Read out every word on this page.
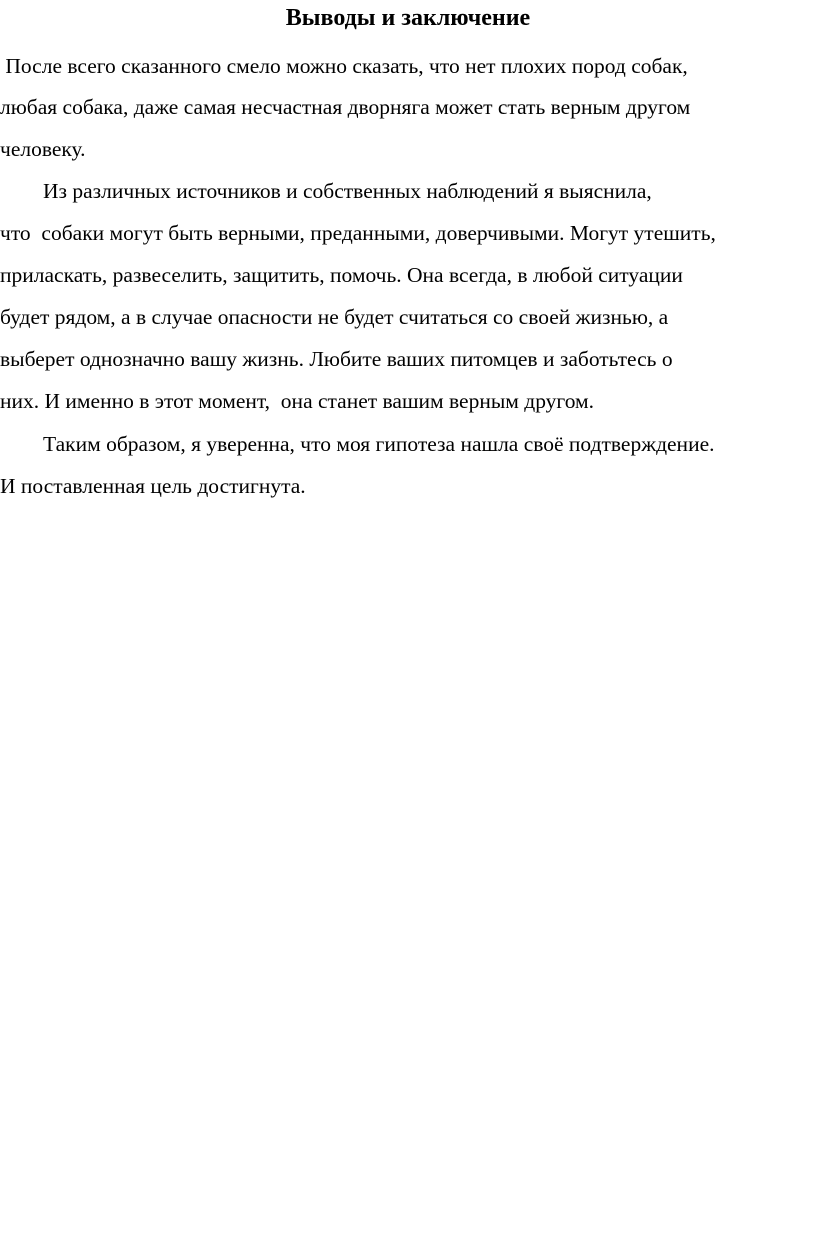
Выводы и заключение

После всего сказанного смело можно сказать, что нет плохих пород собак,

любая собака, даже самая несчастная дворняга может стать верным другом

человеку.

Из различных источников и собственных наблюдений я выяснила,

что  собаки могут быть верными, преданными, доверчивыми. Могут утешить,

приласкать, развеселить, защитить, помочь. Она всегда, в любой ситуации

будет рядом, а в случае опасности не будет считаться со своей жизнью, а

выберет однозначно вашу жизнь. Любите ваших питомцев и заботьтесь о

них. И именно в этот момент,  она станет вашим верным другом.

Таким образом, я уверенна, что моя гипотеза нашла своё подтверждение.

И поставленная цель достигнута.
